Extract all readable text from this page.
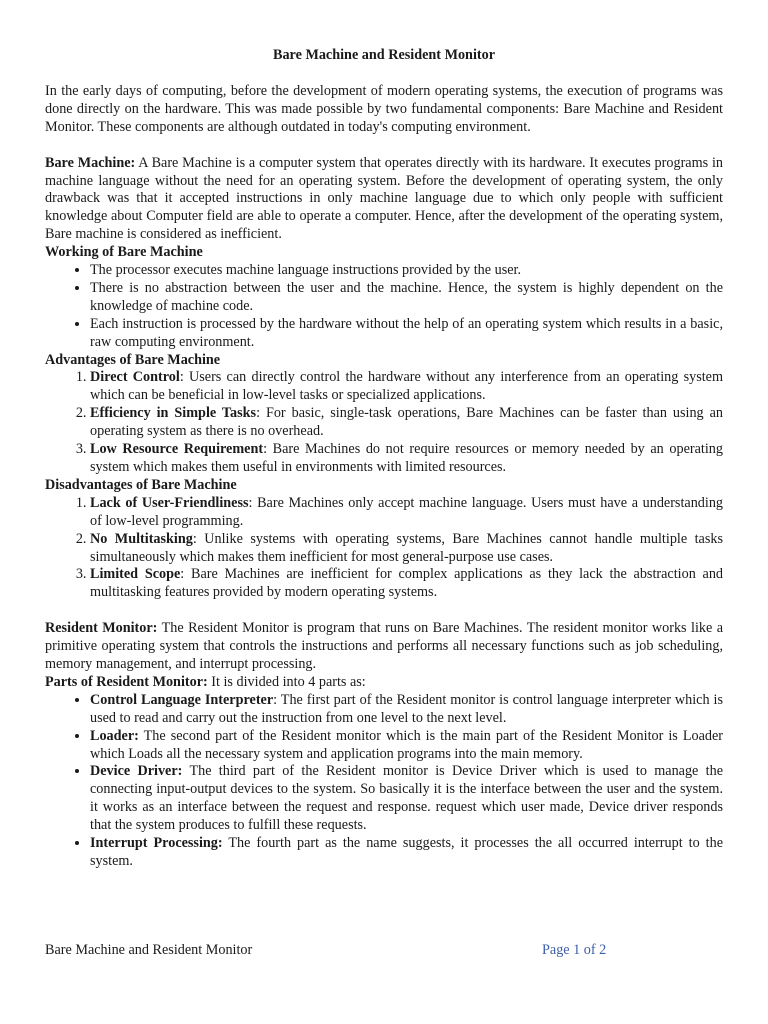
Bare Machine and Resident Monitor

In the early days of computing, before the development of modern operating systems, the execution of programs was done directly on the hardware. This was made possible by two fundamental components: Bare Machine and Resident Monitor. These components are although outdated in today's computing environment.

Bare Machine: A Bare Machine is a computer system that operates directly with its hardware. It executes programs in machine language without the need for an operating system. Before the development of operating system, the only drawback was that it accepted instructions in only machine language due to which only people with sufficient knowledge about Computer field are able to operate a computer. Hence, after the development of the operating system, Bare machine is considered as inefficient.

Working of Bare Machine
• The processor executes machine language instructions provided by the user.
• There is no abstraction between the user and the machine. Hence, the system is highly dependent on the knowledge of machine code.
• Each instruction is processed by the hardware without the help of an operating system which results in a basic, raw computing environment.
Advantages of Bare Machine
1. Direct Control: Users can directly control the hardware without any interference from an operating system which can be beneficial in low-level tasks or specialized applications.
2. Efficiency in Simple Tasks: For basic, single-task operations, Bare Machines can be faster than using an operating system as there is no overhead.
3. Low Resource Requirement: Bare Machines do not require resources or memory needed by an operating system which makes them useful in environments with limited resources.
Disadvantages of Bare Machine
1. Lack of User-Friendliness: Bare Machines only accept machine language. Users must have a understanding of low-level programming.
2. No Multitasking: Unlike systems with operating systems, Bare Machines cannot handle multiple tasks simultaneously which makes them inefficient for most general-purpose use cases.
3. Limited Scope: Bare Machines are inefficient for complex applications as they lack the abstraction and multitasking features provided by modern operating systems.

Resident Monitor: The Resident Monitor is program that runs on Bare Machines. The resident monitor works like a primitive operating system that controls the instructions and performs all necessary functions such as job scheduling, memory management, and interrupt processing.

Parts of Resident Monitor: It is divided into 4 parts as:

• Control Language Interpreter: The first part of the Resident monitor is control language interpreter which is used to read and carry out the instruction from one level to the next level.
• Loader: The second part of the Resident monitor which is the main part of the Resident Monitor is Loader which Loads all the necessary system and application programs into the main memory.
• Device Driver: The third part of the Resident monitor is Device Driver which is used to manage the connecting input-output devices to the system. So basically it is the interface between the user and the system. it works as an interface between the request and response. request which user made, Device driver responds that the system produces to fulfill these requests.
• Interrupt Processing: The fourth part as the name suggests, it processes the all occurred interrupt to the system.
Bare Machine and Resident Monitor	Page 1 of 2
